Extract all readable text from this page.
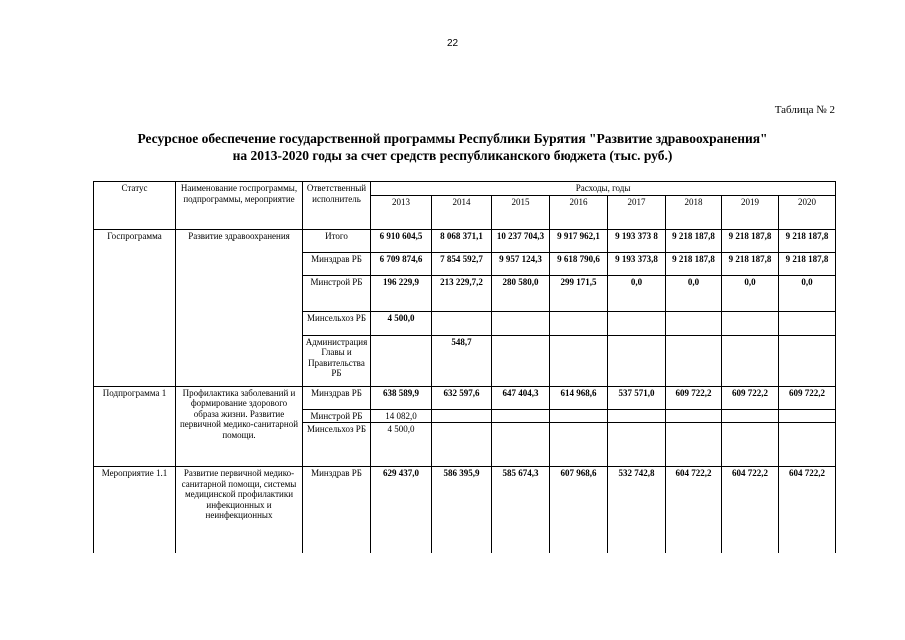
22
Таблица № 2
Ресурсное обеспечение государственной программы Республики Бурятия "Развитие здравоохранения"
на 2013-2020 годы за счет средств республиканского бюджета (тыс. руб.)
Статус	Наименование госпрограммы, подпрограммы, мероприятие	Ответственный исполнитель	Расходы, годы							
			2013	2014	2015	2016	2017	2018	2019	2020
Госпрограмма	Развитие здравоохранения	Итого	6 910 604,5	8 068 371,1	10 237 704,3	9 917 962,1	9 193 373 8	9 218 187,8	9 218 187,8	9 218 187,8
		Минздрав РБ	6 709 874,6	7 854 592,7	9 957 124,3	9 618 790,6	9 193 373,8	9 218 187,8	9 218 187,8	9 218 187,8
		Минстрой РБ	196 229,9	213 229,7,2	280 580,0	299 171,5	0,0	0,0	0,0	0,0
		Минсельхоз РБ	4 500,0							
		Администрация Главы и Правительства РБ		548,7						
Подпрограмма 1	Профилактика заболеваний и формирование здорового образа жизни. Развитие первичной медико-санитарной помощи.	Минздрав РБ	638 589,9	632 597,6	647 404,3	614 968,6	537 571,0	609 722,2	609 722,2	609 722,2
		Минстрой РБ	14 082,0							
		Минсельхоз РБ	4 500,0							
Мероприятие 1.1	Развитие первичной медико-санитарной помощи, системы медицинской профилактики инфекционных и неинфекционных	Минздрав РБ	629 437,0	586 395,9	585 674,3	607 968,6	532 742,8	604 722,2	604 722,2	604 722,2
